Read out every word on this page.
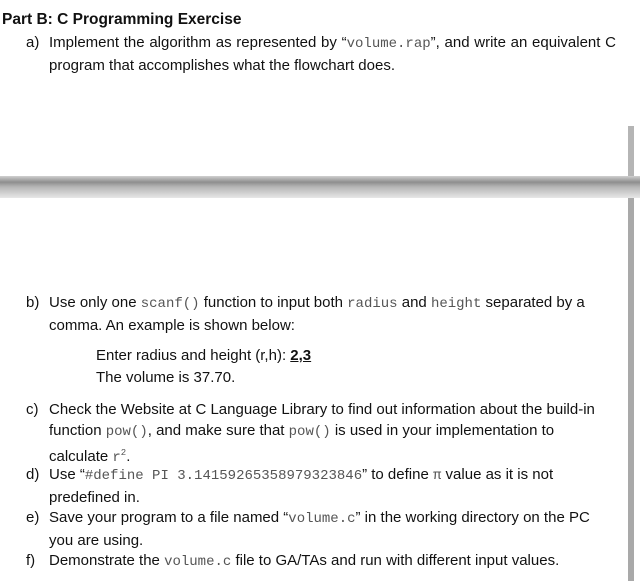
Part B: C Programming Exercise
a) Implement the algorithm as represented by “volume.rap”, and write an equivalent C program that accomplishes what the flowchart does.
b) Use only one scanf() function to input both radius and height separated by a comma. An example is shown below:
Enter radius and height (r,h): 2,3
The volume is 37.70.
c) Check the Website at C Language Library to find out information about the build-in function pow(), and make sure that pow() is used in your implementation to calculate $r^2$.
d) Use “#define PI 3.14159265358979323846” to define π value as it is not predefined in.
e) Save your program to a file named “volume.c” in the working directory on the PC you are using.
f) Demonstrate the volume.c file to GA/TAs and run with different input values.
